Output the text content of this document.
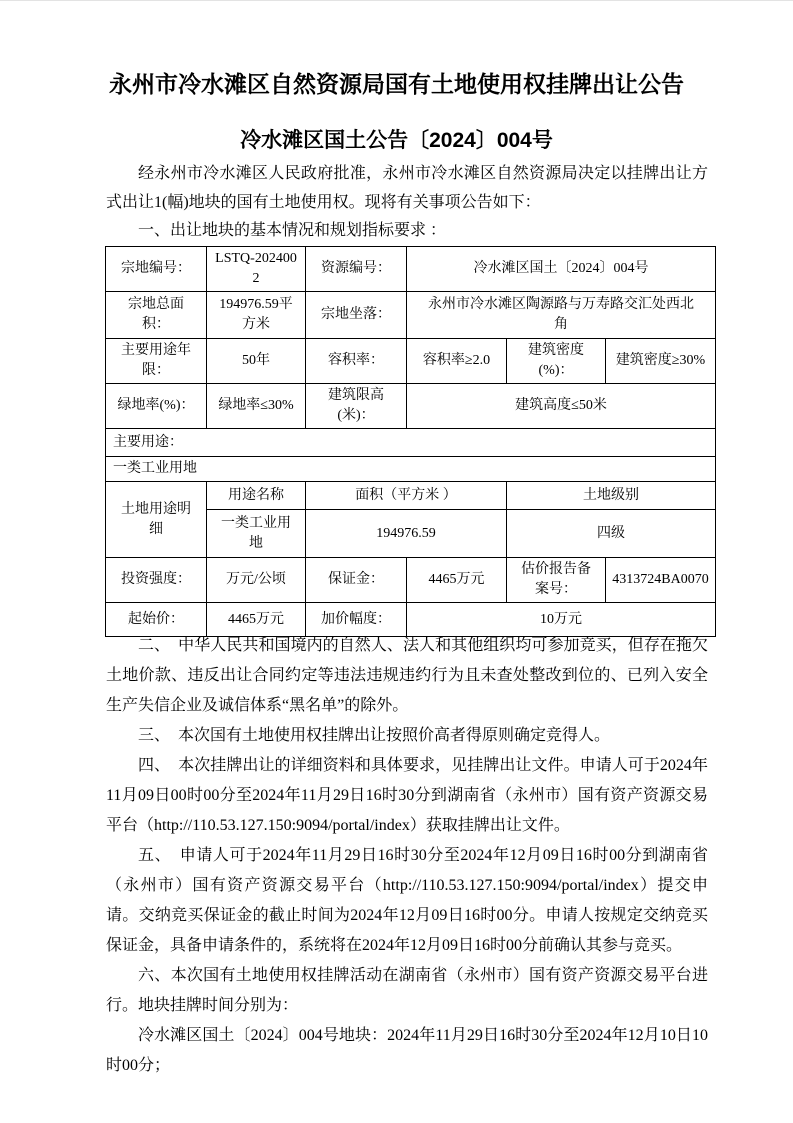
永州市冷水滩区自然资源局国有土地使用权挂牌出让公告
冷水滩区国土公告〔2024〕004号

经永州市冷水滩区人民政府批准，永州市冷水滩区自然资源局决定以挂牌出让方式出让1(幅)地块的国有土地使用权。现将有关事项公告如下：

一、出让地块的基本情况和规划指标要求 ：

宗地编号：	LSTQ-2024002	资源编号：	冷水滩区国土〔2024〕004号		
宗地总面积：	194976.59平方米	宗地坐落：	永州市冷水滩区陶源路与万寿路交汇处西北角		
主要用途年限：	50年	容积率：	容积率≥2.0	建筑密度(%)：	建筑密度≥30%
绿地率(%)：	绿地率≤30%	建筑限高(米)：	建筑高度≤50米		
主要用途：					
一类工业用地					
土地用途明细	用途名称	面积（平方米 ）		土地级别	
	一类工业用地	194976.59		四级	
投资强度：	万元/公顷	保证金：	4465万元	估价报告备案号：	4313724BA0070
起始价：	4465万元	加价幅度：	10万元		

二、　中华人民共和国境内的自然人、法人和其他组织均可参加竞买，但存在拖欠土地价款、违反出让合同约定等违法违规违约行为且未查处整改到位的、已列入安全生产失信企业及诚信体系“黑名单”的除外。

三、　本次国有土地使用权挂牌出让按照价高者得原则确定竞得人。

四、　本次挂牌出让的详细资料和具体要求，见挂牌出让文件。申请人可于2024年11月09日00时00分至2024年11月29日16时30分到湖南省（永州市）国有资产资源交易平台（http://110.53.127.150:9094/portal/index）获取挂牌出让文件。

五、　申请人可于2024年11月29日16时30分至2024年12月09日16时00分到湖南省（永州市）国有资产资源交易平台（http://110.53.127.150:9094/portal/index）提交申请。交纳竞买保证金的截止时间为2024年12月09日16时00分。申请人按规定交纳竞买保证金，具备申请条件的，系统将在2024年12月09日16时00分前确认其参与竞买。

六、本次国有土地使用权挂牌活动在湖南省（永州市）国有资产资源交易平台进行。地块挂牌时间分别为：

冷水滩区国土〔2024〕004号地块：2024年11月29日16时30分至2024年12月10日10时00分；
